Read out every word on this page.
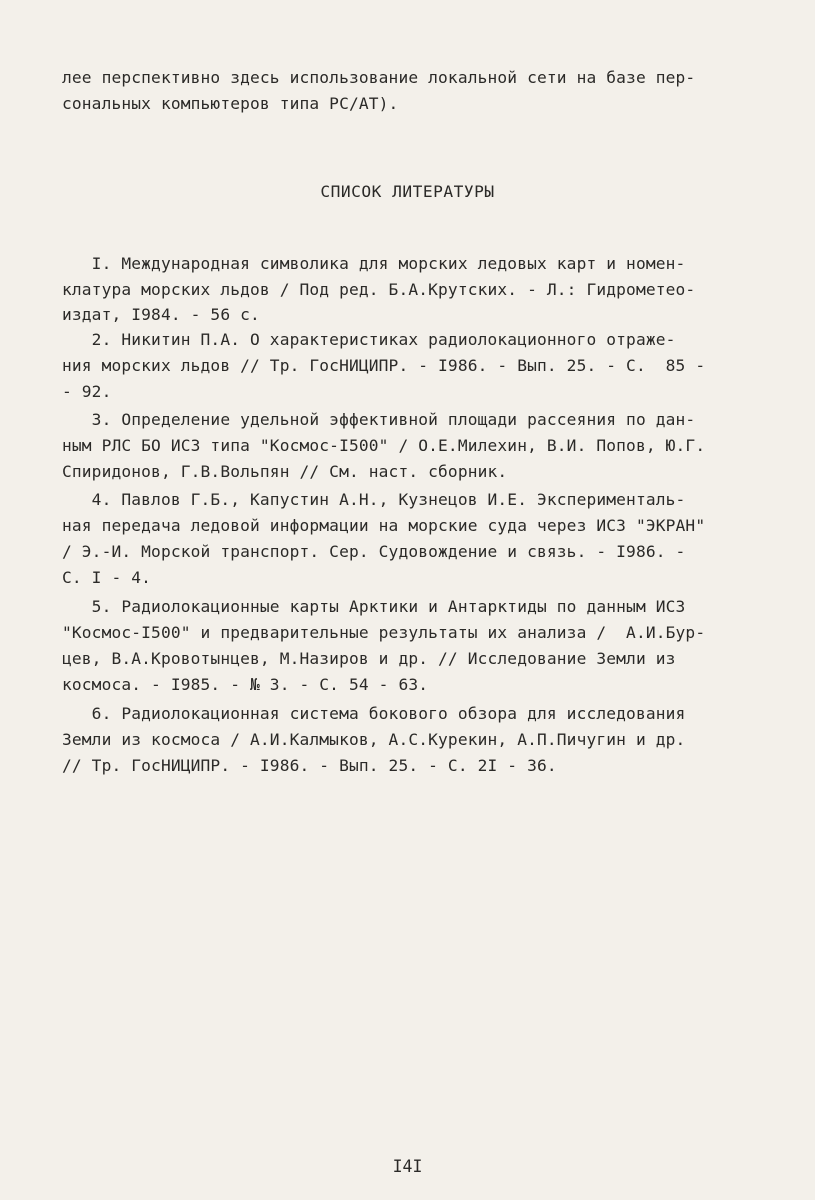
лее перспективно здесь использование локальной сети на базе пер-
сональных компьютеров типа PC/AT).
СПИСОК ЛИТЕРАТУРЫ
I. Международная символика для морских ледовых карт и номен-
клатура морских льдов / Под ред. Б.А.Крутских. - Л.: Гидрометео-
издат, I984. - 56 с.
2. Никитин П.А. О характеристиках радиолокационного отраже-
ния морских льдов // Тр. ГосНИЦИПР. - I986. - Вып. 25. - С.  85 -
- 92.
3. Определение удельной эффективной площади рассеяния по дан-
ным РЛС БО ИСЗ типа "Космос-I500" / О.Е.Милехин, В.И. Попов, Ю.Г.
Спиридонов, Г.В.Вольпян // См. наст. сборник.
4. Павлов Г.Б., Капустин А.Н., Кузнецов И.Е. Эксперименталь-
ная передача ледовой информации на морские суда через ИСЗ "ЭКРАН"
/ Э.-И. Морской транспорт. Сер. Судовождение и связь. - I986. -
С. I - 4.
5. Радиолокационные карты Арктики и Антарктиды по данным ИСЗ
"Космос-I500" и предварительные результаты их анализа /  А.И.Бур-
цев, В.А.Кровотынцев, М.Назиров и др. // Исследование Земли из
космоса. - I985. - № 3. - С. 54 - 63.
6. Радиолокационная система бокового обзора для исследования
Земли из космоса / А.И.Калмыков, А.С.Курекин, А.П.Пичугин и др.
// Тр. ГосНИЦИПР. - I986. - Вып. 25. - С. 2I - 36.
I4I
